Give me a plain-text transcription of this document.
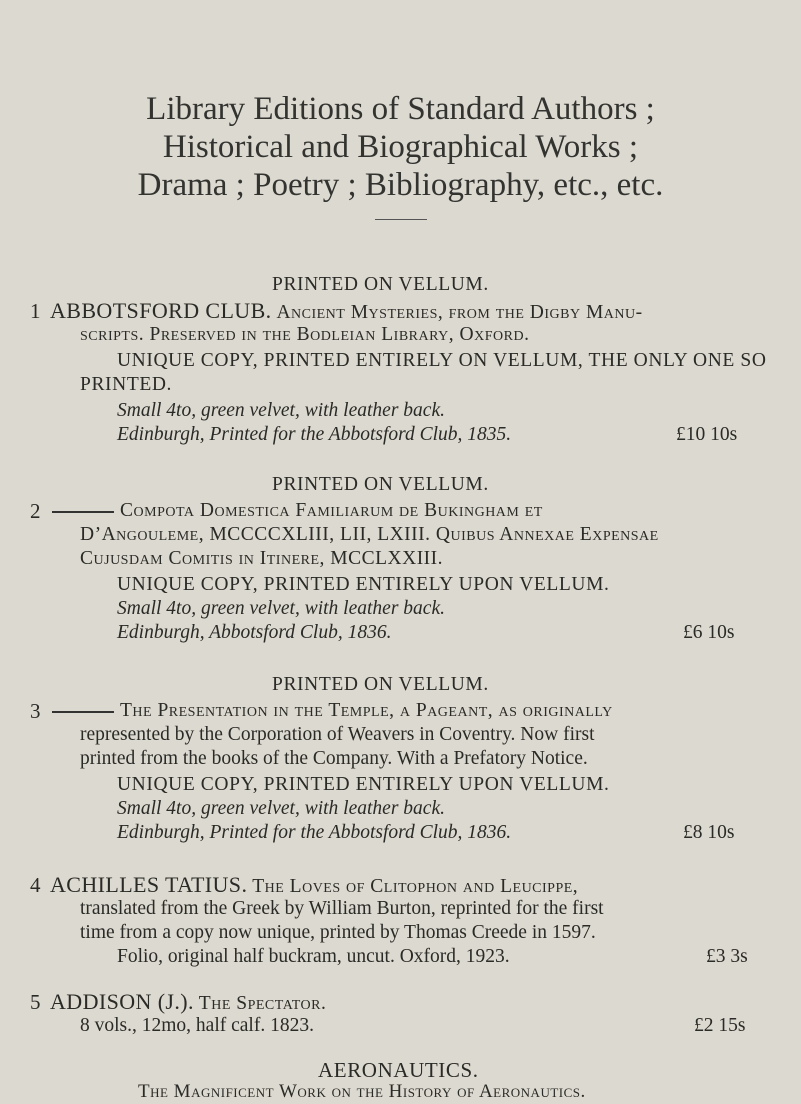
Library Editions of Standard Authors ;
Historical and Biographical Works ;
Drama ; Poetry ; Bibliography, etc., etc.
PRINTED ON VELLUM.
1 ABBOTSFORD CLUB. Ancient Mysteries, from the Digby Manu-
scripts. Preserved in the Bodleian Library, Oxford.
UNIQUE COPY, PRINTED ENTIRELY ON VELLUM, THE ONLY ONE SO
PRINTED.
Small 4to, green velvet, with leather back.
Edinburgh, Printed for the Abbotsford Club, 1835.	£10 10s
PRINTED ON VELLUM.
2	Compota Domestica Familiarum de Bukingham et
D’Angouleme, MCCCCXLIII, LII, LXIII. Quibus Annexae Expensae
Cujusdam Comitis in Itinere, MCCLXXIII.
UNIQUE COPY, PRINTED ENTIRELY UPON VELLUM.
Small 4to, green velvet, with leather back.
Edinburgh, Abbotsford Club, 1836.	£6 10s
PRINTED ON VELLUM.
3	The Presentation in the Temple, a Pageant, as originally
represented by the Corporation of Weavers in Coventry. Now first
printed from the books of the Company. With a Prefatory Notice.
UNIQUE COPY, PRINTED ENTIRELY UPON VELLUM.
Small 4to, green velvet, with leather back.
Edinburgh, Printed for the Abbotsford Club, 1836.	£8 10s
4 ACHILLES TATIUS. The Loves of Clitophon and Leucippe,
translated from the Greek by William Burton, reprinted for the first
time from a copy now unique, printed by Thomas Creede in 1597.
Folio, original half buckram, uncut. Oxford, 1923.	£3 3s
5 ADDISON (J.). The Spectator.
8 vols., 12mo, half calf. 1823.	£2 15s
AERONAUTICS.
The Magnificent Work on the History of Aeronautics.
